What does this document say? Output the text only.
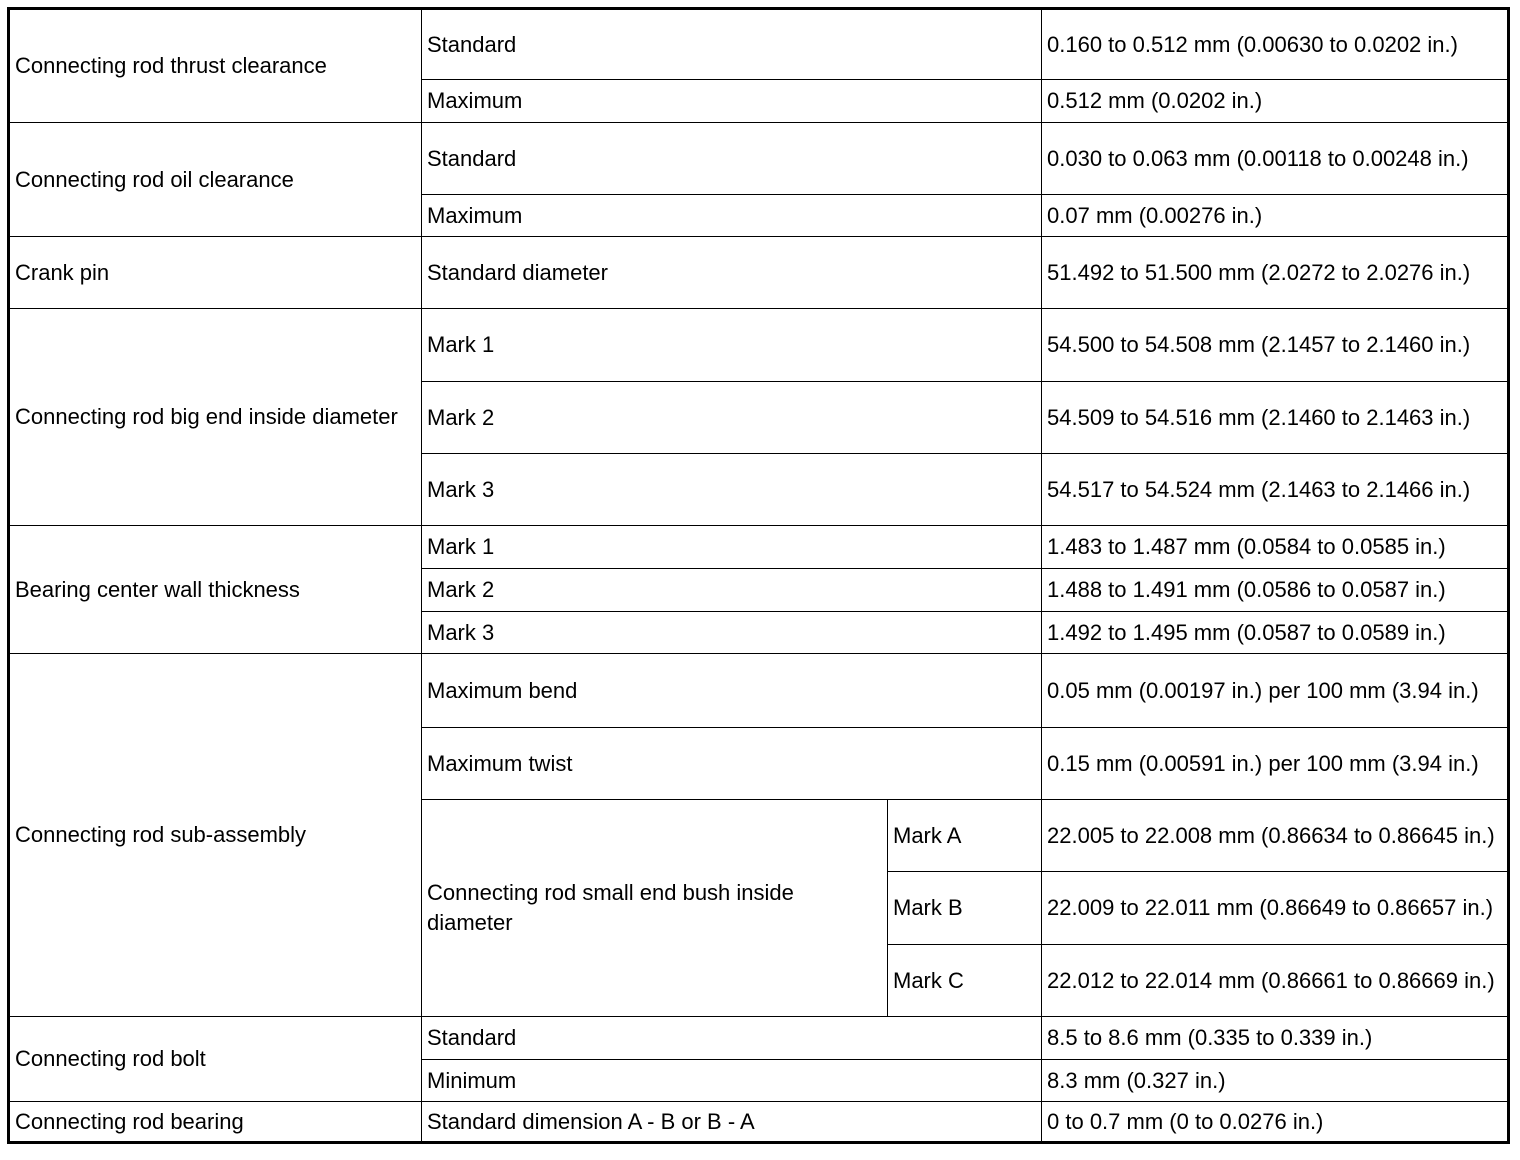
Connecting rod thrust clearance	Standard		0.160 to 0.512 mm (0.00630 to 0.0202 in.)
	Maximum		0.512 mm (0.0202 in.)
Connecting rod oil clearance	Standard		0.030 to 0.063 mm (0.00118 to 0.00248 in.)
	Maximum		0.07 mm (0.00276 in.)
Crank pin	Standard diameter		51.492 to 51.500 mm (2.0272 to 2.0276 in.)
Connecting rod big end inside diameter	Mark 1		54.500 to 54.508 mm (2.1457 to 2.1460 in.)
	Mark 2		54.509 to 54.516 mm (2.1460 to 2.1463 in.)
	Mark 3		54.517 to 54.524 mm (2.1463 to 2.1466 in.)
Bearing center wall thickness	Mark 1		1.483 to 1.487 mm (0.0584 to 0.0585 in.)
	Mark 2		1.488 to 1.491 mm (0.0586 to 0.0587 in.)
	Mark 3		1.492 to 1.495 mm (0.0587 to 0.0589 in.)
Connecting rod sub-assembly	Maximum bend		0.05 mm (0.00197 in.) per 100 mm (3.94 in.)
	Maximum twist		0.15 mm (0.00591 in.) per 100 mm (3.94 in.)
	Connecting rod small end bush inside diameter	Mark A	22.005 to 22.008 mm (0.86634 to 0.86645 in.)
		Mark B	22.009 to 22.011 mm (0.86649 to 0.86657 in.)
		Mark C	22.012 to 22.014 mm (0.86661 to 0.86669 in.)
Connecting rod bolt	Standard		8.5 to 8.6 mm (0.335 to 0.339 in.)
	Minimum		8.3 mm (0.327 in.)
Connecting rod bearing	Standard dimension A - B or B - A		0 to 0.7 mm (0 to 0.0276 in.)
